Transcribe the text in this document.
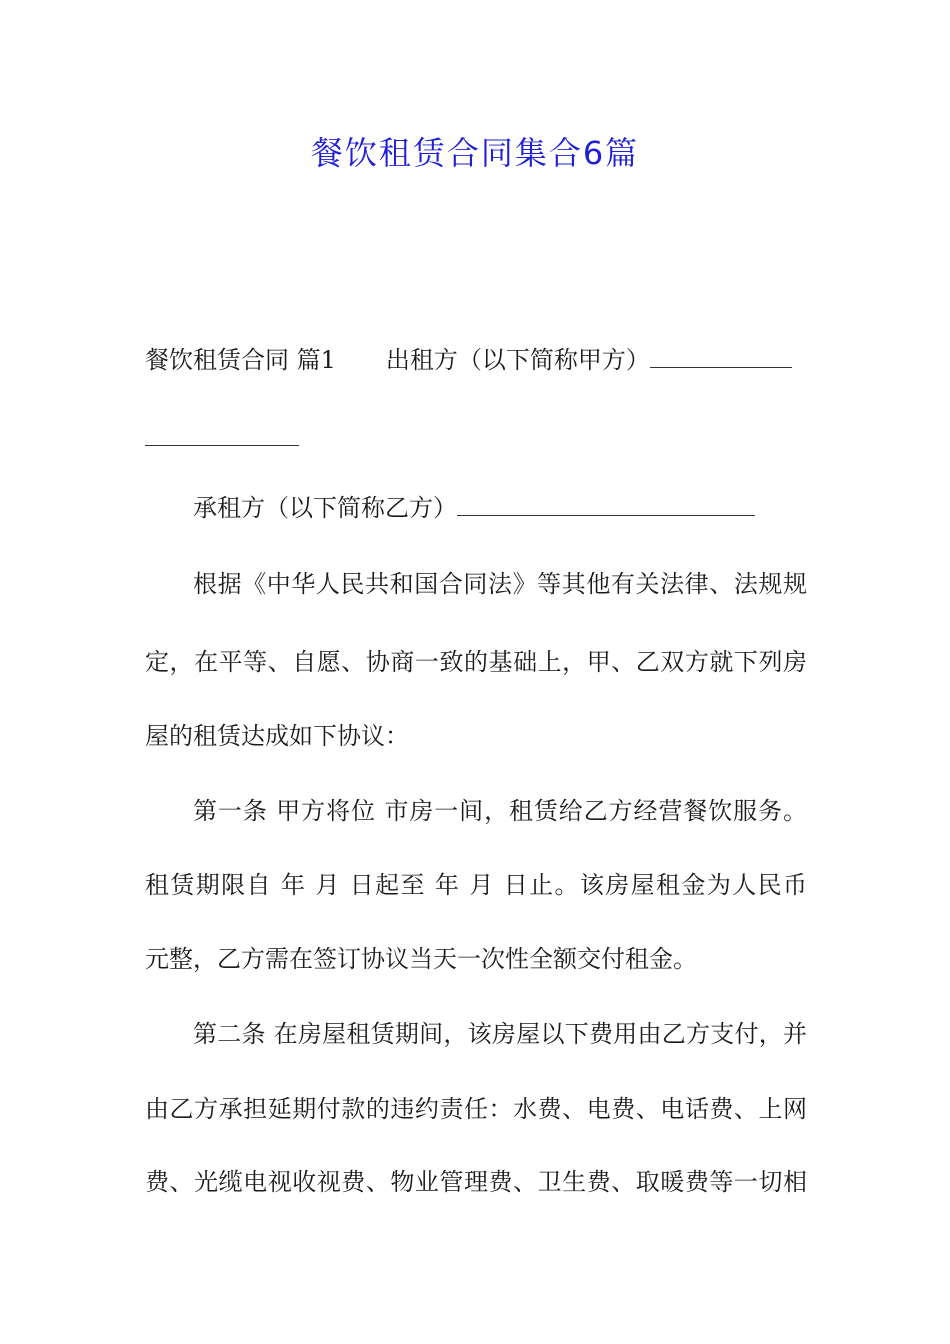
餐饮租赁合同集合6篇
餐饮租赁合同 篇1 出租方（以下简称甲方）
承租方（以下简称乙方）
根据《中华人民共和国合同法》等其他有关法律、法规规
定，在平等、自愿、协商一致的基础上，甲、乙双方就下列房
屋的租赁达成如下协议：
第一条 甲方将位 市房一间，租赁给乙方经营餐饮服务。
租赁期限自 年 月 日起至 年 月 日止。该房屋租金为人民币
元整，乙方需在签订协议当天一次性全额交付租金。
第二条 在房屋租赁期间，该房屋以下费用由乙方支付，并
由乙方承担延期付款的违约责任：水费、电费、电话费、上网
费、光缆电视收视费、物业管理费、卫生费、取暖费等一切相
